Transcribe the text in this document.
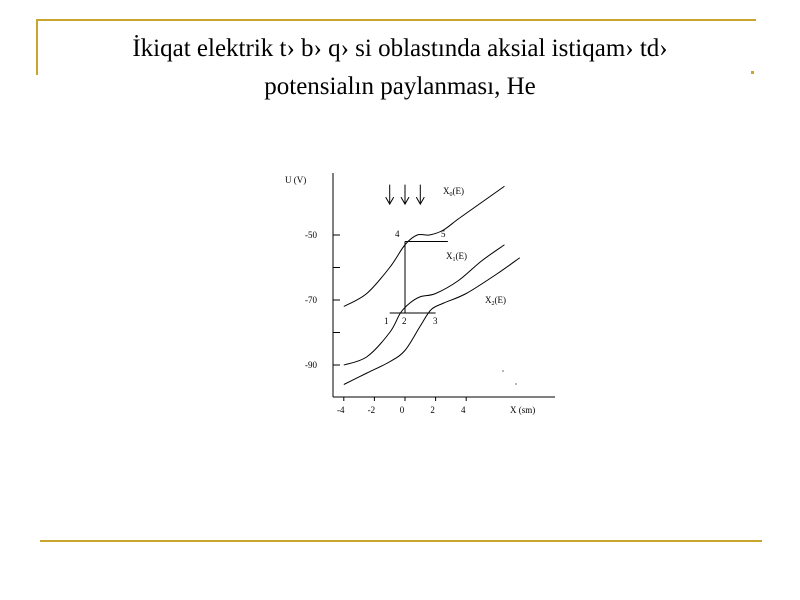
İkiqat elektrik t› b› q› si oblastında aksial istiqam› td›
potensialın paylanması, He
-50
-70
-90
U (V)
-4	-2	0	2	4	X (sm)
$X_0(E)$
$X_1(E)$
$X_2(E)$
1 2	3
4	5
